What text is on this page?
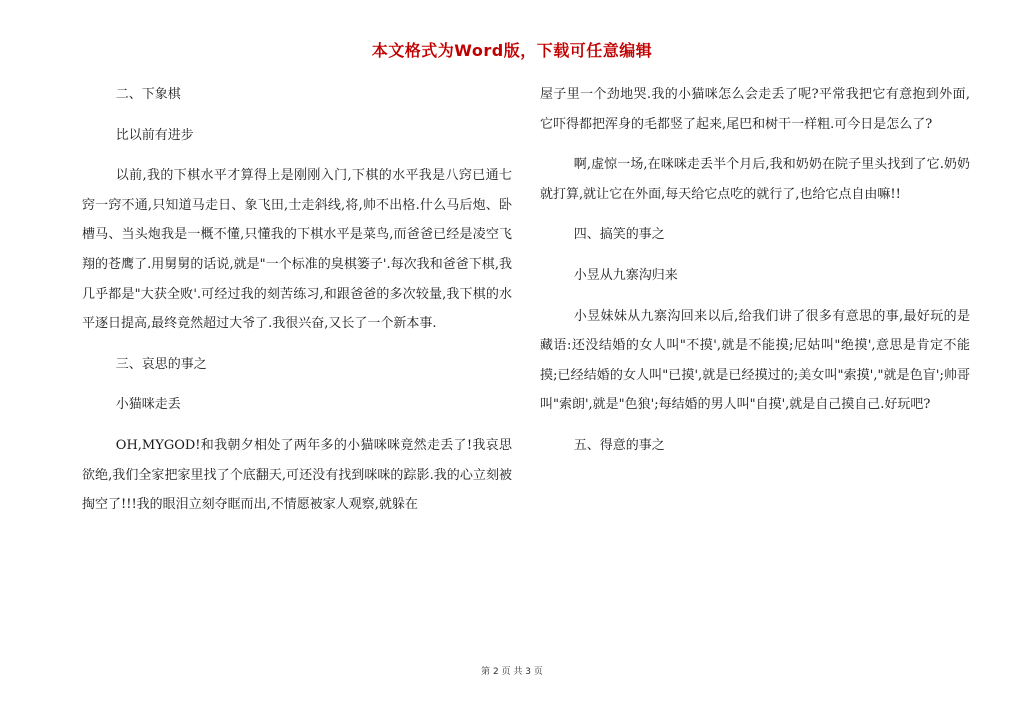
本文格式为Word版，下载可任意编辑

二、下象棋

比以前有进步

以前,我的下棋水平才算得上是刚刚入门,下棋的水平我是八窍已通七窍一窍不通,只知道马走日、象飞田,士走斜线,将,帅不出格.什么马后炮、卧槽马、当头炮我是一概不懂,只懂我的下棋水平是菜鸟,而爸爸已经是凌空飞翔的苍鹰了.用舅舅的话说,就是"一个标准的臭棋篓子'.每次我和爸爸下棋,我几乎都是"大获全败'.可经过我的刻苦练习,和跟爸爸的多次较量,我下棋的水平逐日提高,最终竟然超过大爷了.我很兴奋,又长了一个新本事.

三、哀思的事之

小猫咪走丢

OH,MYGOD!和我朝夕相处了两年多的小猫咪咪竟然走丢了!我哀思欲绝,我们全家把家里找了个底翻天,可还没有找到咪咪的踪影.我的心立刻被掏空了!!!我的眼泪立刻夺眶而出,不情愿被家人观察,就躲在

屋子里一个劲地哭.我的小猫咪怎么会走丢了呢?平常我把它有意抱到外面,它吓得都把浑身的毛都竖了起来,尾巴和树干一样粗.可今日是怎么了?

啊,虚惊一场,在咪咪走丢半个月后,我和奶奶在院子里头找到了它.奶奶就打算,就让它在外面,每天给它点吃的就行了,也给它点自由嘛!!

四、搞笑的事之

小昱从九寨沟归来

小昱妹妹从九寨沟回来以后,给我们讲了很多有意思的事,最好玩的是藏语:还没结婚的女人叫"不摸',就是不能摸;尼姑叫"绝摸',意思是肯定不能摸;已经结婚的女人叫"已摸',就是已经摸过的;美女叫"索摸',"就是色盲';帅哥叫"索朗',就是"色狼';每结婚的男人叫"自摸',就是自己摸自己.好玩吧?

五、得意的事之

第 2 页 共 3 页
